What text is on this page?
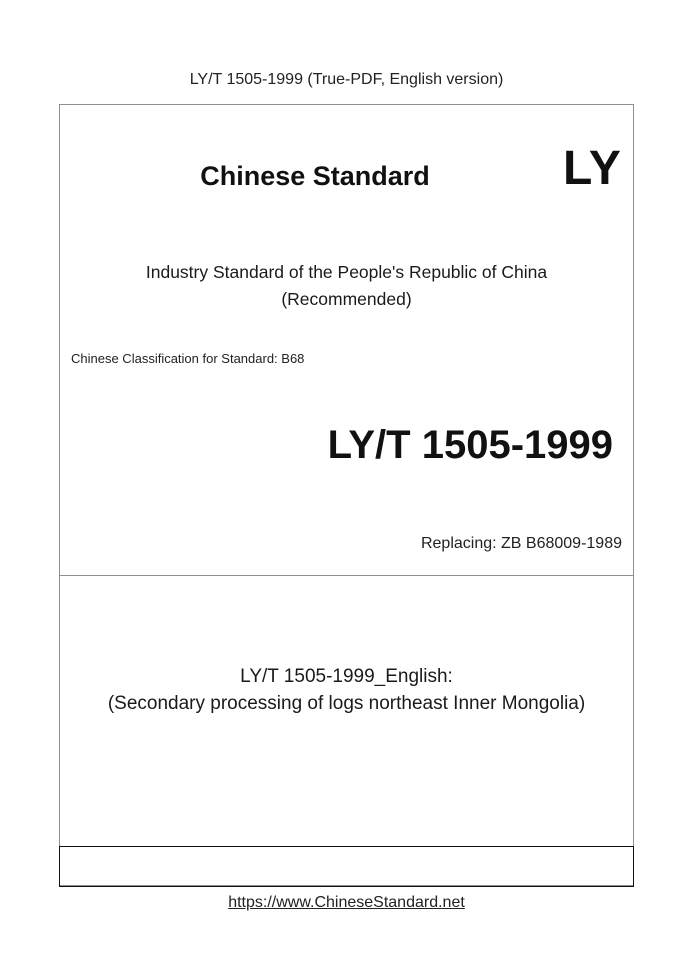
LY/T 1505-1999 (True-PDF, English version)
Chinese Standard	LY
Industry Standard of the People's Republic of China
(Recommended)
Chinese Classification for Standard: B68
LY/T 1505-1999
Replacing: ZB B68009-1989
LY/T 1505-1999_English:
(Secondary processing of logs northeast Inner Mongolia)
https://www.ChineseStandard.net
